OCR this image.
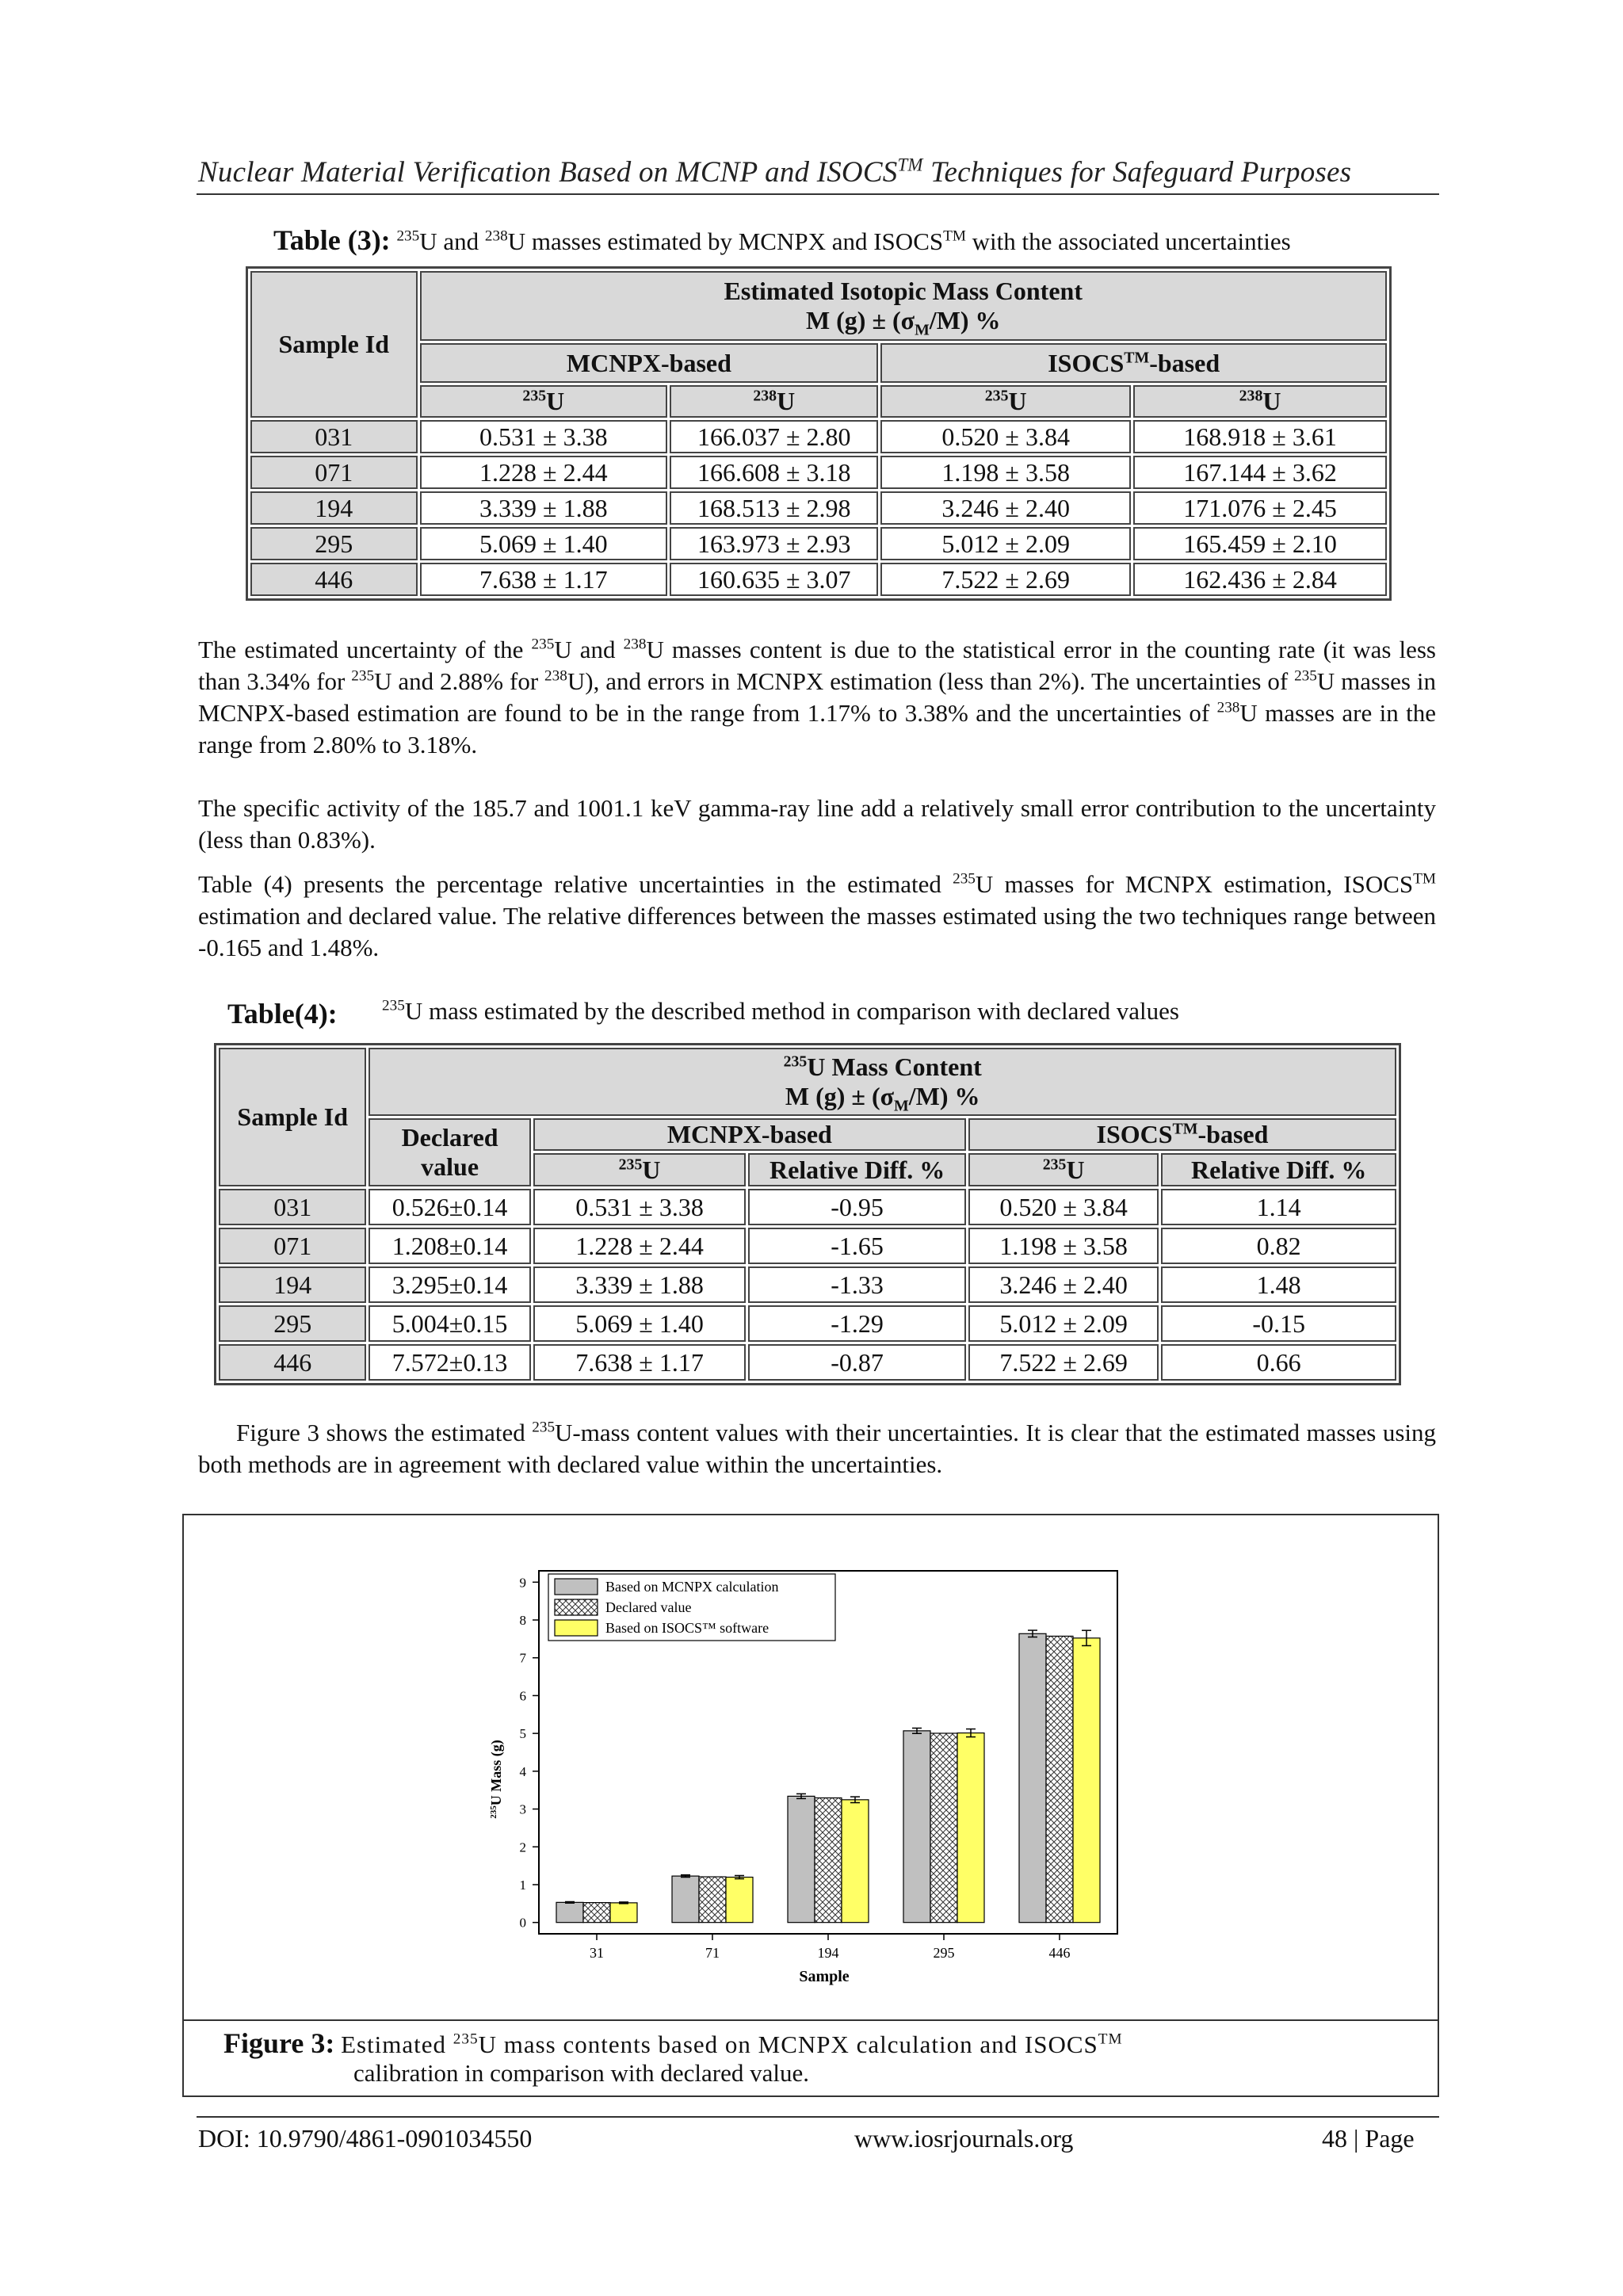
Nuclear Material Verification Based on MCNP and ISOCS™ Techniques for Safeguard Purposes
Table (3): $^{235}$U and $^{238}$U masses estimated by MCNPX and ISOCS™ with the associated uncertainties
Sample Id	Estimated Isotopic Mass Content
M $(g) \pm (\sigma_M/M)$ %			

	MCNPX-based		ISOCS™-based	
	$^{235}$U	$^{238}$U	$^{235}$U	$^{238}$U
031	0.531 ± 3.38	166.037 ± 2.80	0.520 ± 3.84	168.918 ± 3.61
071	1.228 ± 2.44	166.608 ± 3.18	1.198 ± 3.58	167.144 ± 3.62
194	3.339 ± 1.88	168.513 ± 2.98	3.246 ± 2.40	171.076 ± 2.45
295	5.069 ± 1.40	163.973 ± 2.93	5.012 ± 2.09	165.459 ± 2.10
446	7.638 ± 1.17	160.635 ± 3.07	7.522 ± 2.69	162.436 ± 2.84
The estimated uncertainty of the $^{235}$U and $^{238}$U masses content is due to the statistical error in the counting rate (it was less than 3.34% for $^{235}$U and 2.88% for $^{238}$U), and errors in MCNPX estimation (less than 2%). The uncertainties of $^{235}$U masses in MCNPX-based estimation are found to be in the range from 1.17% to 3.38% and the uncertainties of $^{238}$U masses are in the range from 2.80% to 3.18%.
The specific activity of the 185.7 and 1001.1 keV gamma-ray line add a relatively small error contribution to the uncertainty (less than 0.83%).
Table (4) presents the percentage relative uncertainties in the estimated $^{235}$U masses for MCNPX estimation, ISOCS™ estimation and declared value. The relative differences between the masses estimated using the two techniques range between -0.165 and 1.48%.
Table(4):	$^{235}$U mass estimated by the described method in comparison with declared values
Sample Id	$^{235}$U Mass Content
M $(g) \pm (\sigma_M/M)$ %				

	Declared
value	MCNPX-based		ISOCS™-based	
		$^{235}$U	Relative Diff. %	$^{235}$U	Relative Diff. %
031	0.526±0.14	0.531 ± 3.38	-0.95	0.520 ± 3.84	1.14
071	1.208±0.14	1.228 ± 2.44	-1.65	1.198 ± 3.58	0.82
194	3.295±0.14	3.339 ± 1.88	-1.33	3.246 ± 2.40	1.48
295	5.004±0.15	5.069 ± 1.40	-1.29	5.012 ± 2.09	-0.15
446	7.572±0.13	7.638 ± 1.17	-0.87	7.522 ± 2.69	0.66
Figure 3 shows the estimated $^{235}$U-mass content values with their uncertainties. It is clear that the estimated masses using both methods are in agreement with declared value within the uncertainties.
0
1
2
3
4
5
6
7
8
9
31	71	194	295	446
Based on MCNPX calculation
Declared value
Based on ISOCS™ software
$^{235}$U Mass (g)
Sample
Figure 3: Estimated $^{235}$U mass contents based on MCNPX calculation and ISOCS™
calibration in comparison with declared value.
DOI: 10.9790/4861-0901034550	www.iosrjournals.org	48 | Page
